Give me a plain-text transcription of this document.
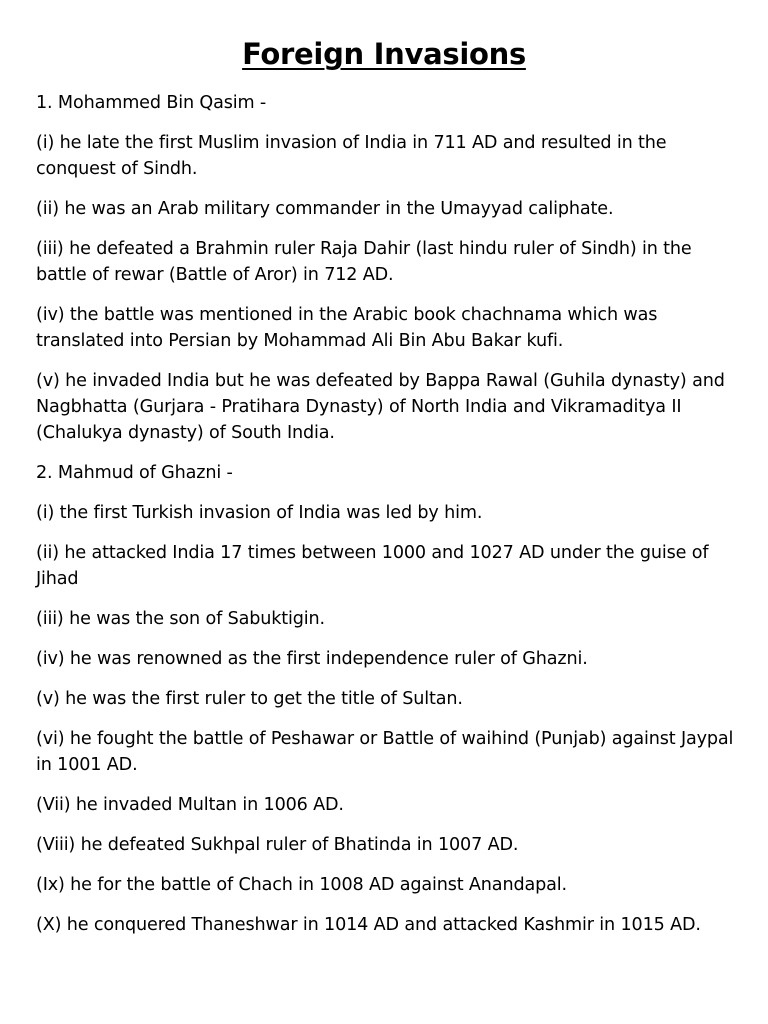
Foreign Invasions

1. Mohammed Bin Qasim -

(i) he late the first Muslim invasion of India in 711 AD and resulted in the conquest of Sindh.

(ii) he was an Arab military commander in the Umayyad caliphate.

(iii) he defeated a Brahmin ruler Raja Dahir (last hindu ruler of Sindh) in the battle of rewar (Battle of Aror) in 712 AD.

(iv) the battle was mentioned in the Arabic book chachnama which was translated into Persian by Mohammad Ali Bin Abu Bakar kufi.

(v) he invaded India but he was defeated by Bappa Rawal (Guhila dynasty) and Nagbhatta (Gurjara - Pratihara Dynasty) of North India and Vikramaditya II (Chalukya dynasty) of South India.

2. Mahmud of Ghazni -

(i) the first Turkish invasion of India was led by him.

(ii) he attacked India 17 times between 1000 and 1027 AD under the guise of Jihad

(iii) he was the son of Sabuktigin.

(iv) he was renowned as the first independence ruler of Ghazni.

(v) he was the first ruler to get the title of Sultan.

(vi) he fought the battle of Peshawar or Battle of waihind (Punjab) against Jaypal in 1001 AD.

(Vii) he invaded Multan in 1006 AD.

(Viii) he defeated Sukhpal ruler of Bhatinda in 1007 AD.

(Ix) he for the battle of Chach in 1008 AD against Anandapal.

(X) he conquered Thaneshwar in 1014 AD and attacked Kashmir in 1015 AD.
